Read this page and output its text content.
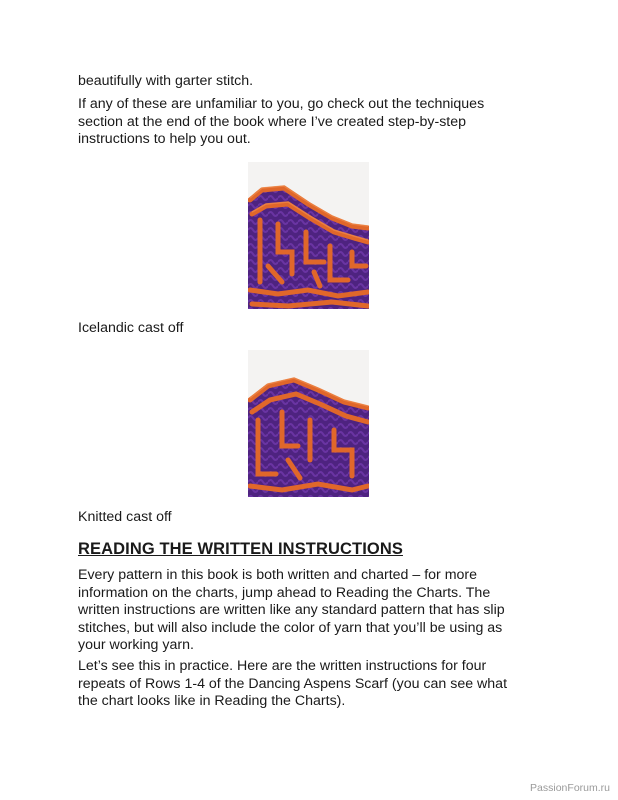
beautifully with garter stitch.

If any of these are unfamiliar to you, go check out the techniques section at the end of the book where I’ve created step-by-step instructions to help you out.

Icelandic cast off

Knitted cast off

READING THE WRITTEN INSTRUCTIONS

Every pattern in this book is both written and charted – for more information on the charts, jump ahead to Reading the Charts. The written instructions are written like any standard pattern that has slip stitches, but will also include the color of yarn that you’ll be using as your working yarn.

Let’s see this in practice. Here are the written instructions for four repeats of Rows 1-4 of the Dancing Aspens Scarf (you can see what the chart looks like in Reading the Charts).

PassionForum.ru
